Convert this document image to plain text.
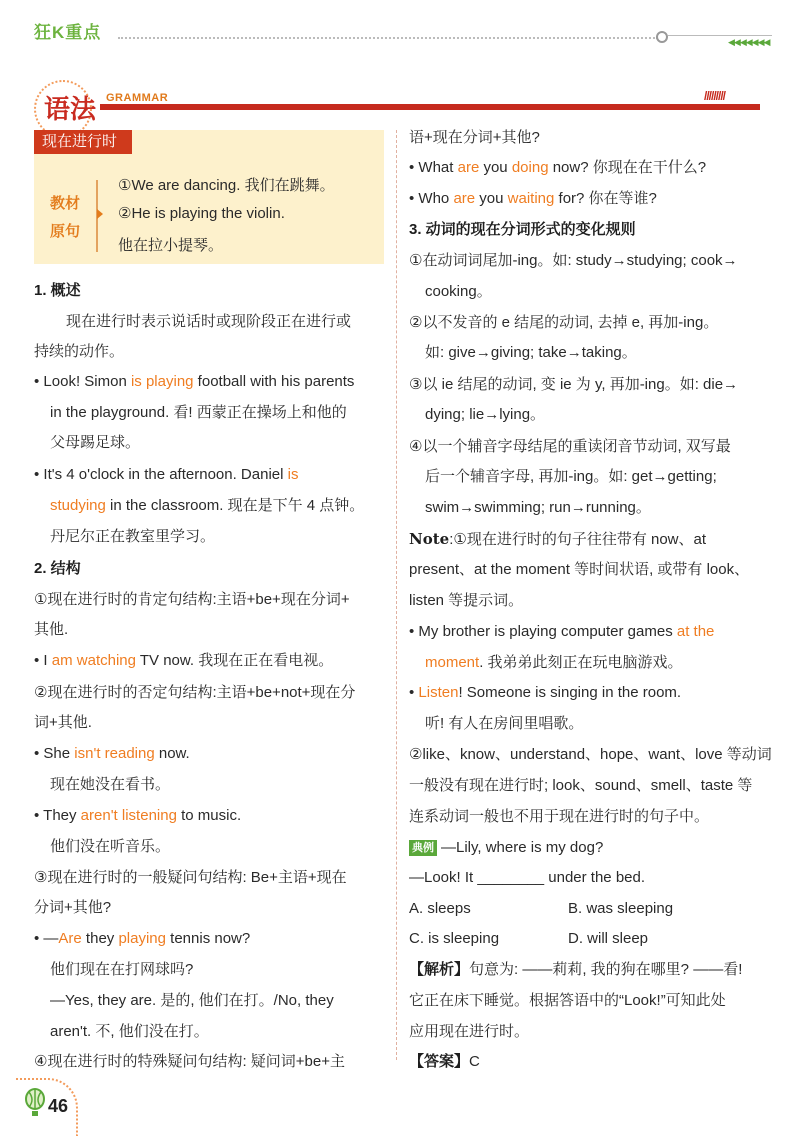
狂K重点	◀◀◀◀◀◀◀
语法 GRAMMAR	/////////
现在进行时
教材
原句
①We are dancing. 我们在跳舞。
②He is playing the violin.
他在拉小提琴。
1. 概述
现在进行时表示说话时或现阶段正在进行或
持续的动作。
• Look! Simon is playing football with his parents
in the playground. 看! 西蒙正在操场上和他的
父母踢足球。
• It's 4 o'clock in the afternoon. Daniel is
studying in the classroom. 现在是下午 4 点钟。
丹尼尔正在教室里学习。
2. 结构
①现在进行时的肯定句结构:主语+be+现在分词+
其他.
• I am watching TV now. 我现在正在看电视。
②现在进行时的否定句结构:主语+be+not+现在分
词+其他.
• She isn't reading now.
现在她没在看书。
• They aren't listening to music.
他们没在听音乐。
③现在进行时的一般疑问句结构: Be+主语+现在
分词+其他?
• —Are they playing tennis now?
他们现在在打网球吗?
—Yes, they are. 是的, 他们在打。/No, they
aren't. 不, 他们没在打。
④现在进行时的特殊疑问句结构: 疑问词+be+主
语+现在分词+其他?
• What are you doing now? 你现在在干什么?
• Who are you waiting for? 你在等谁?
3. 动词的现在分词形式的变化规则
①在动词词尾加-ing。如: study→studying; cook→
cooking。
②以不发音的 e 结尾的动词, 去掉 e, 再加-ing。
如: give→giving; take→taking。
③以 ie 结尾的动词, 变 ie 为 y, 再加-ing。如: die→
dying; lie→lying。
④以一个辅音字母结尾的重读闭音节动词, 双写最
后一个辅音字母, 再加-ing。如: get→getting;
swim→swimming; run→running。
Note:①现在进行时的句子往往带有 now、at
present、at the moment 等时间状语, 或带有 look、
listen 等提示词。
• My brother is playing computer games at the
moment. 我弟弟此刻正在玩电脑游戏。
• Listen! Someone is singing in the room.
听! 有人在房间里唱歌。
②like、know、understand、hope、want、love 等动词
一般没有现在进行时; look、sound、smell、taste 等
连系动词一般也不用于现在进行时的句子中。
典例 —Lily, where is my dog?
—Look! It ________ under the bed.
A. sleeps	B. was sleeping
C. is sleeping	D. will sleep
【解析】句意为: ——莉莉, 我的狗在哪里? ——看!
它正在床下睡觉。根据答语中的“Look!”可知此处
应用现在进行时。
【答案】C
46
